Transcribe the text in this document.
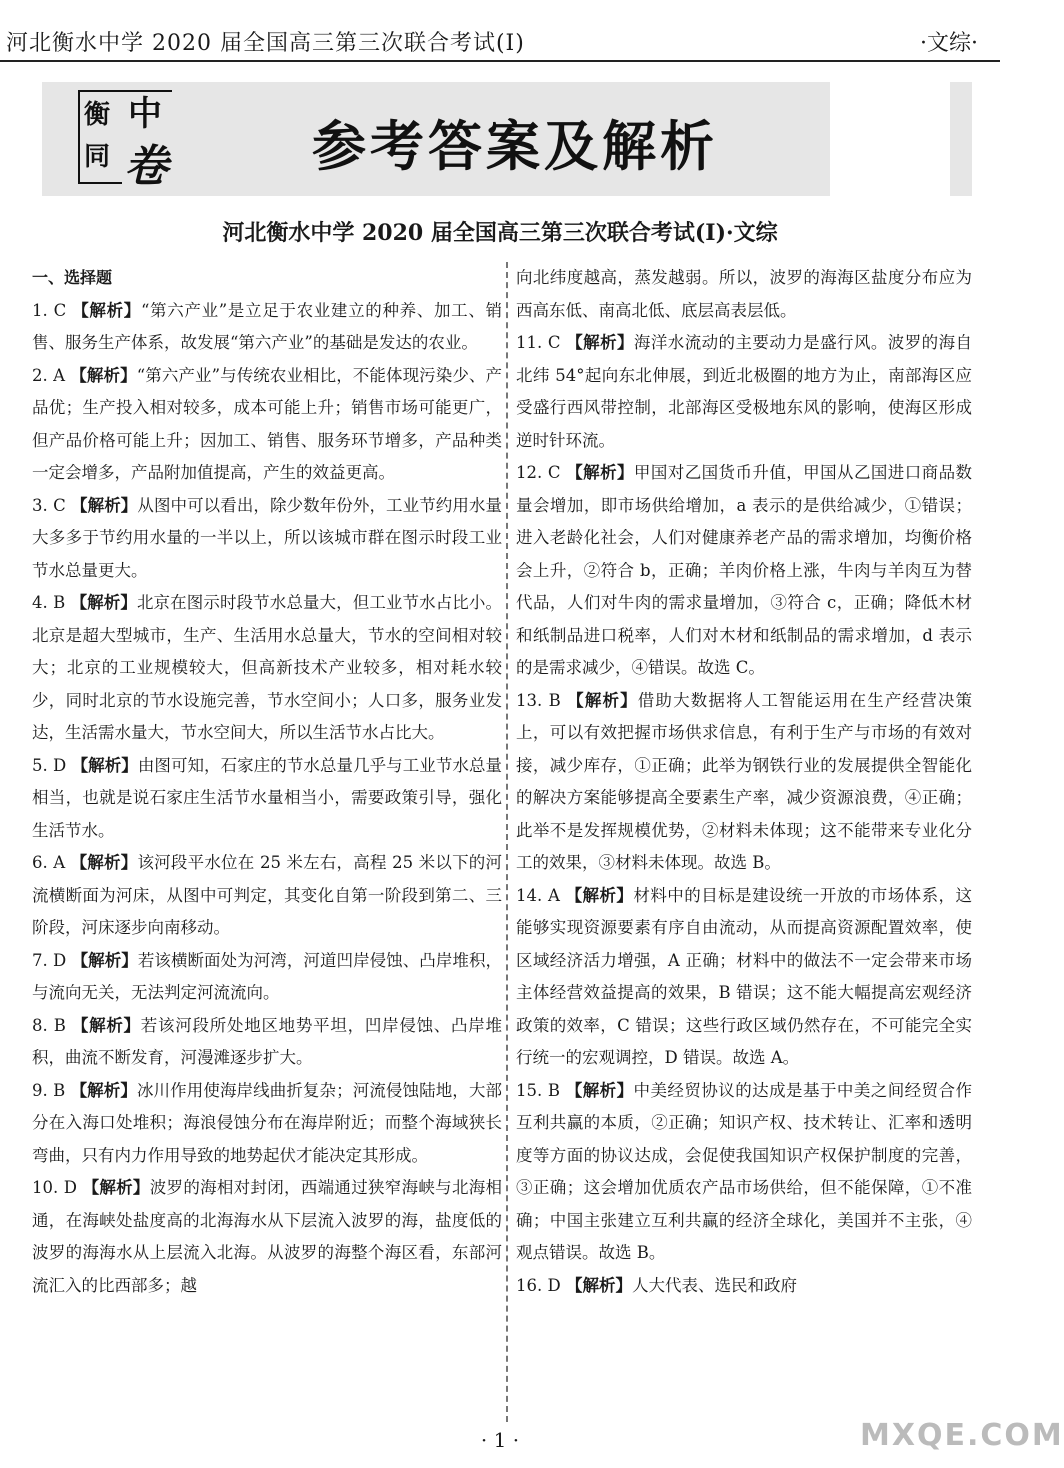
河北衡水中学 2020 届全国高三第三次联合考试(Ⅰ)	·文综·
衡
同
中
卷	参考答案及解析
河北衡水中学 2020 届全国高三第三次联合考试(Ⅰ)·文综
一、选择题
1. C 【解析】“第六产业”是立足于农业建立的种养、加工、销售、服务生产体系，故发展“第六产业”的基础是发达的农业。
2. A 【解析】“第六产业”与传统农业相比，不能体现污染少、产品优；生产投入相对较多，成本可能上升；销售市场可能更广，但产品价格可能上升；因加工、销售、服务环节增多，产品种类一定会增多，产品附加值提高，产生的效益更高。
3. C 【解析】从图中可以看出，除少数年份外，工业节约用水量大多多于节约用水量的一半以上，所以该城市群在图示时段工业节水总量更大。
4. B 【解析】北京在图示时段节水总量大，但工业节水占比小。北京是超大型城市，生产、生活用水总量大，节水的空间相对较大；北京的工业规模较大，但高新技术产业较多，相对耗水较少，同时北京的节水设施完善，节水空间小；人口多，服务业发达，生活需水量大，节水空间大，所以生活节水占比大。
5. D 【解析】由图可知，石家庄的节水总量几乎与工业节水总量相当，也就是说石家庄生活节水量相当小，需要政策引导，强化生活节水。
6. A 【解析】该河段平水位在 25 米左右，高程 25 米以下的河流横断面为河床，从图中可判定，其变化自第一阶段到第二、三阶段，河床逐步向南移动。
7. D 【解析】若该横断面处为河湾，河道凹岸侵蚀、凸岸堆积，与流向无关，无法判定河流流向。
8. B 【解析】若该河段所处地区地势平坦，凹岸侵蚀、凸岸堆积，曲流不断发育，河漫滩逐步扩大。
9. B 【解析】冰川作用使海岸线曲折复杂；河流侵蚀陆地，大部分在入海口处堆积；海浪侵蚀分布在海岸附近；而整个海域狭长弯曲，只有内力作用导致的地势起伏才能决定其形成。
10. D 【解析】波罗的海相对封闭，西端通过狭窄海峡与北海相通，在海峡处盐度高的北海海水从下层流入波罗的海，盐度低的波罗的海海水从上层流入北海。从波罗的海整个海区看，东部河流汇入的比西部多；越
向北纬度越高，蒸发越弱。所以，波罗的海海区盐度分布应为西高东低、南高北低、底层高表层低。
11. C 【解析】海洋水流动的主要动力是盛行风。波罗的海自北纬 54°起向东北伸展，到近北极圈的地方为止，南部海区应受盛行西风带控制，北部海区受极地东风的影响，使海区形成逆时针环流。
12. C 【解析】甲国对乙国货币升值，甲国从乙国进口商品数量会增加，即市场供给增加，a 表示的是供给减少，①错误；进入老龄化社会，人们对健康养老产品的需求增加，均衡价格会上升，②符合 b，正确；羊肉价格上涨，牛肉与羊肉互为替代品，人们对牛肉的需求量增加，③符合 c，正确；降低木材和纸制品进口税率，人们对木材和纸制品的需求增加，d 表示的是需求减少，④错误。故选 C。
13. B 【解析】借助大数据将人工智能运用在生产经营决策上，可以有效把握市场供求信息，有利于生产与市场的有效对接，减少库存，①正确；此举为钢铁行业的发展提供全智能化的解决方案能够提高全要素生产率，减少资源浪费，④正确；此举不是发挥规模优势，②材料未体现；这不能带来专业化分工的效果，③材料未体现。故选 B。
14. A 【解析】材料中的目标是建设统一开放的市场体系，这能够实现资源要素有序自由流动，从而提高资源配置效率，使区域经济活力增强，A 正确；材料中的做法不一定会带来市场主体经营效益提高的效果，B 错误；这不能大幅提高宏观经济政策的效率，C 错误；这些行政区域仍然存在，不可能完全实行统一的宏观调控，D 错误。故选 A。
15. B 【解析】中美经贸协议的达成是基于中美之间经贸合作互利共赢的本质，②正确；知识产权、技术转让、汇率和透明度等方面的协议达成，会促使我国知识产权保护制度的完善，③正确；这会增加优质农产品市场供给，但不能保障，①不准确；中国主张建立互利共赢的经济全球化，美国并不主张，④观点错误。故选 B。
16. D 【解析】人大代表、选民和政府
· 1 ·	MXQE.COM
